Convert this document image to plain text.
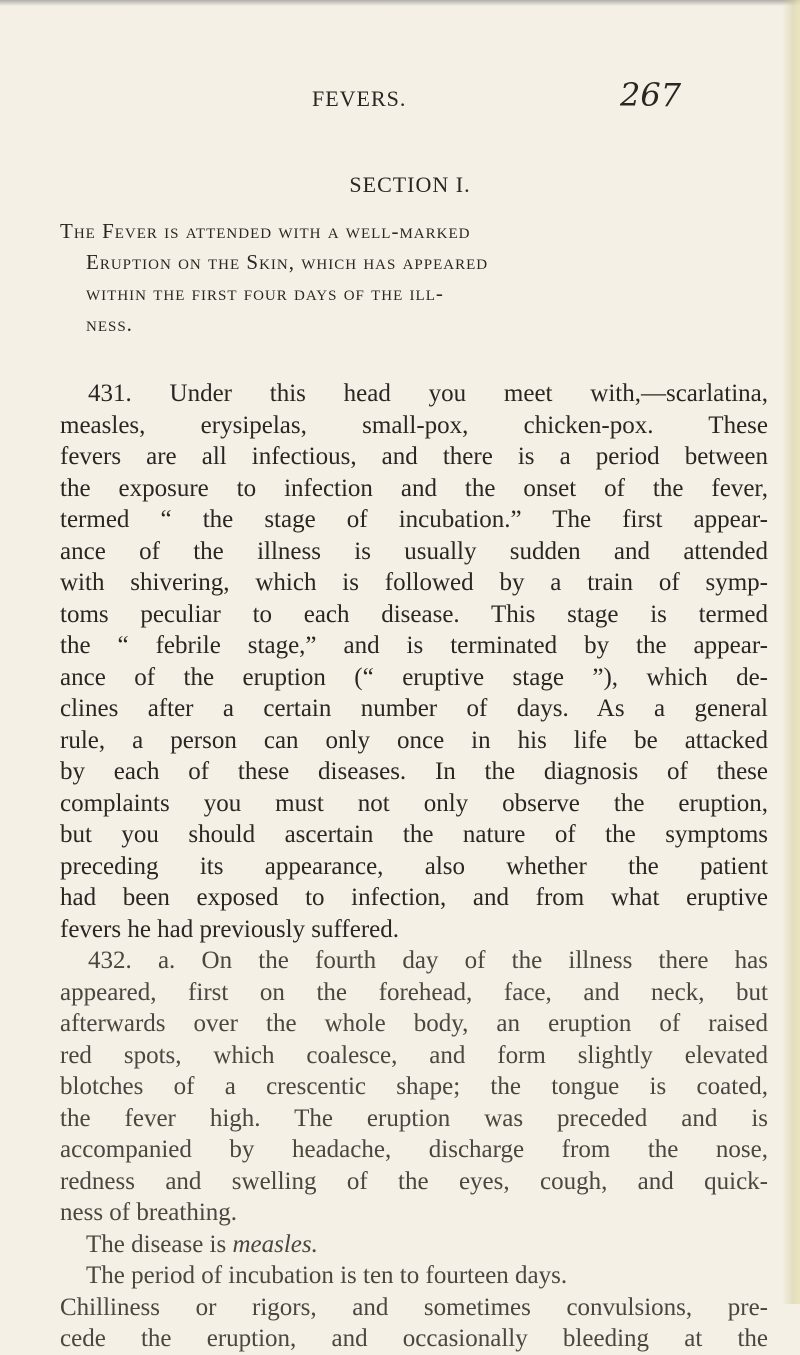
FEVERS.	267
SECTION I.
The Fever is attended with a well-marked
Eruption on the Skin, which has appeared
within the first four days of the ill-
ness.
431. Under this head you meet with,—scarlatina,
measles, erysipelas, small-pox, chicken-pox. These
fevers are all infectious, and there is a period between
the exposure to infection and the onset of the fever,
termed “ the stage of incubation.” The first appear-
ance of the illness is usually sudden and attended
with shivering, which is followed by a train of symp-
toms peculiar to each disease. This stage is termed
the “ febrile stage,” and is terminated by the appear-
ance of the eruption (“ eruptive stage ”), which de-
clines after a certain number of days. As a general
rule, a person can only once in his life be attacked
by each of these diseases. In the diagnosis of these
complaints you must not only observe the eruption,
but you should ascertain the nature of the symptoms
preceding its appearance, also whether the patient
had been exposed to infection, and from what eruptive
fevers he had previously suffered.
432. a. On the fourth day of the illness there has
appeared, first on the forehead, face, and neck, but
afterwards over the whole body, an eruption of raised
red spots, which coalesce, and form slightly elevated
blotches of a crescentic shape; the tongue is coated,
the fever high. The eruption was preceded and is
accompanied by headache, discharge from the nose,
redness and swelling of the eyes, cough, and quick-
ness of breathing.
The disease is measles.
The period of incubation is ten to fourteen days.
Chilliness or rigors, and sometimes convulsions, pre-
cede the eruption, and occasionally bleeding at the
